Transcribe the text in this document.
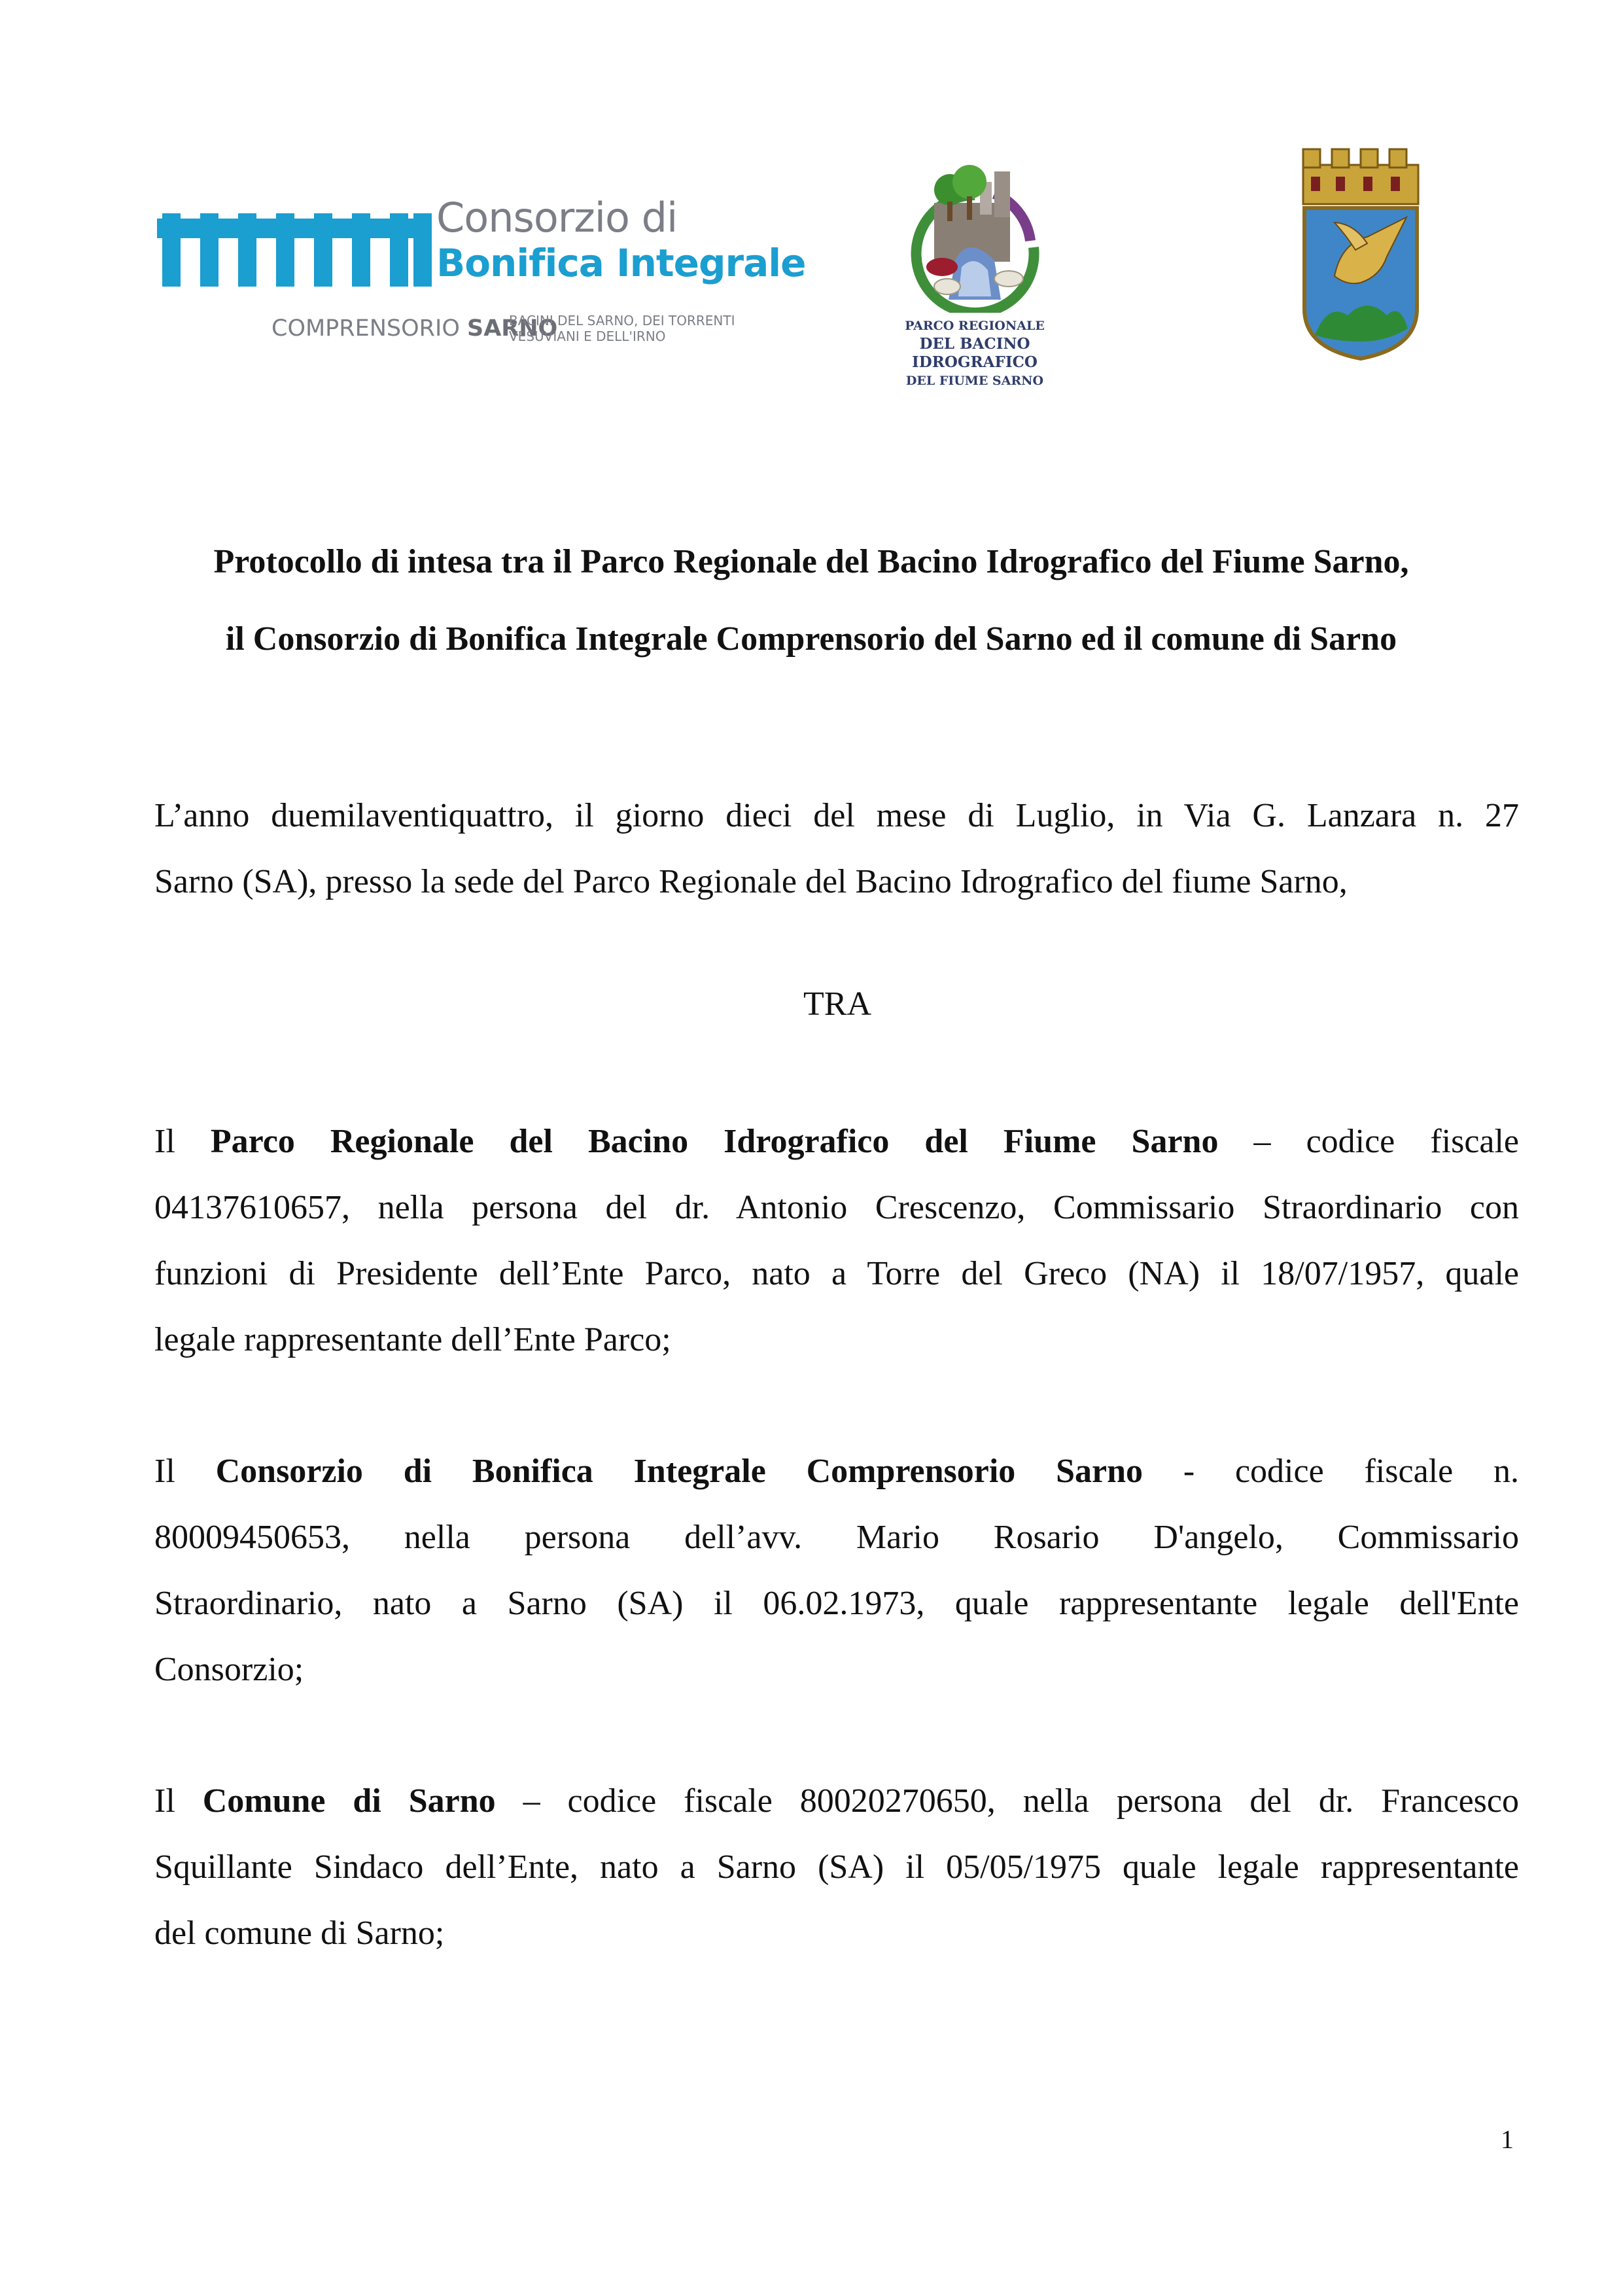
Consorzio di
Bonifica Integrale
COMPRENSORIO SARNO
BACINI DEL SARNO, DEI TORRENTI
VESUVIANI E DELL'IRNO
PARCO REGIONALE
DEL BACINO IDROGRAFICO
DEL FIUME SARNO
Protocollo di intesa tra il Parco Regionale del Bacino Idrografico del Fiume Sarno,
il Consorzio di Bonifica Integrale Comprensorio del Sarno ed il comune di Sarno
L’anno duemilaventiquattro, il giorno dieci del mese di Luglio, in Via G. Lanzara n. 27
Sarno (SA), presso la sede del Parco Regionale del Bacino Idrografico del fiume Sarno,
TRA
Il Parco Regionale del Bacino Idrografico del Fiume Sarno – codice fiscale
04137610657, nella persona del dr. Antonio Crescenzo, Commissario Straordinario con
funzioni di Presidente dell’Ente Parco, nato a Torre del Greco (NA) il 18/07/1957, quale
legale rappresentante dell’Ente Parco;
Il Consorzio di Bonifica Integrale Comprensorio Sarno - codice fiscale n.
80009450653, nella persona dell’avv. Mario Rosario D'angelo, Commissario
Straordinario, nato a Sarno (SA) il 06.02.1973, quale rappresentante legale dell'Ente
Consorzio;
Il Comune di Sarno – codice fiscale 80020270650, nella persona del dr. Francesco
Squillante Sindaco dell’Ente, nato a Sarno (SA) il 05/05/1975 quale legale rappresentante
del comune di Sarno;
1
